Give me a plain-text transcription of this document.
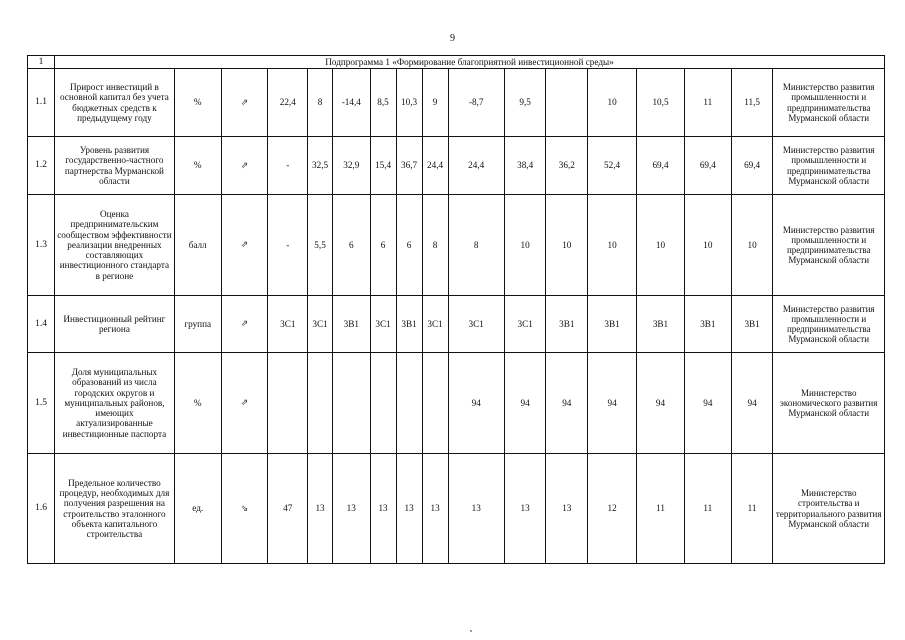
9
1	Подпрограмма 1 «Формирование благоприятной инвестиционной среды»																
1.1	Прирост инвестиций в основной капитал без учета бюджетных средств к предыдущему году	%	⇗	22,4	8	-14,4	8,5	10,3	9	-8,7	9,5		10	10,5	11	11,5	Министерство развития промышленности и предпринимательства Мурманской области
1.2	Уровень развития государственно-частного партнерства Мурманской области	%	⇗	-	32,5	32,9	15,4	36,7	24,4	24,4	38,4	36,2	52,4	69,4	69,4	69,4	Министерство развития промышленности и предпринимательства Мурманской области
1.3	Оценка предпринимательским сообществом эффективности реализации внедренных составляющих инвестиционного стандарта в регионе	балл	⇗	-	5,5	6	6	6	8	8	10	10	10	10	10	10	Министерство развития промышленности и предпринимательства Мурманской области
1.4	Инвестиционный рейтинг региона	группа	⇗	3С1	3С1	3В1	3С1	3В1	3С1	3С1	3С1	3В1	3В1	3В1	3В1	3В1	Министерство развития промышленности и предпринимательства Мурманской области
1.5	Доля муниципальных образований из числа городских округов и муниципальных районов, имеющих актуализированные инвестиционные паспорта	%	⇗							94	94	94	94	94	94	94	Министерство экономического развития Мурманской области
1.6	Предельное количество процедур, необходимых для получения разрешения на строительство эталонного объекта капитального строительства	ед.	⇘	47	13	13	13	13	13	13	13	13	12	11	11	11	Министерство строительства и территориального развития Мурманской области
